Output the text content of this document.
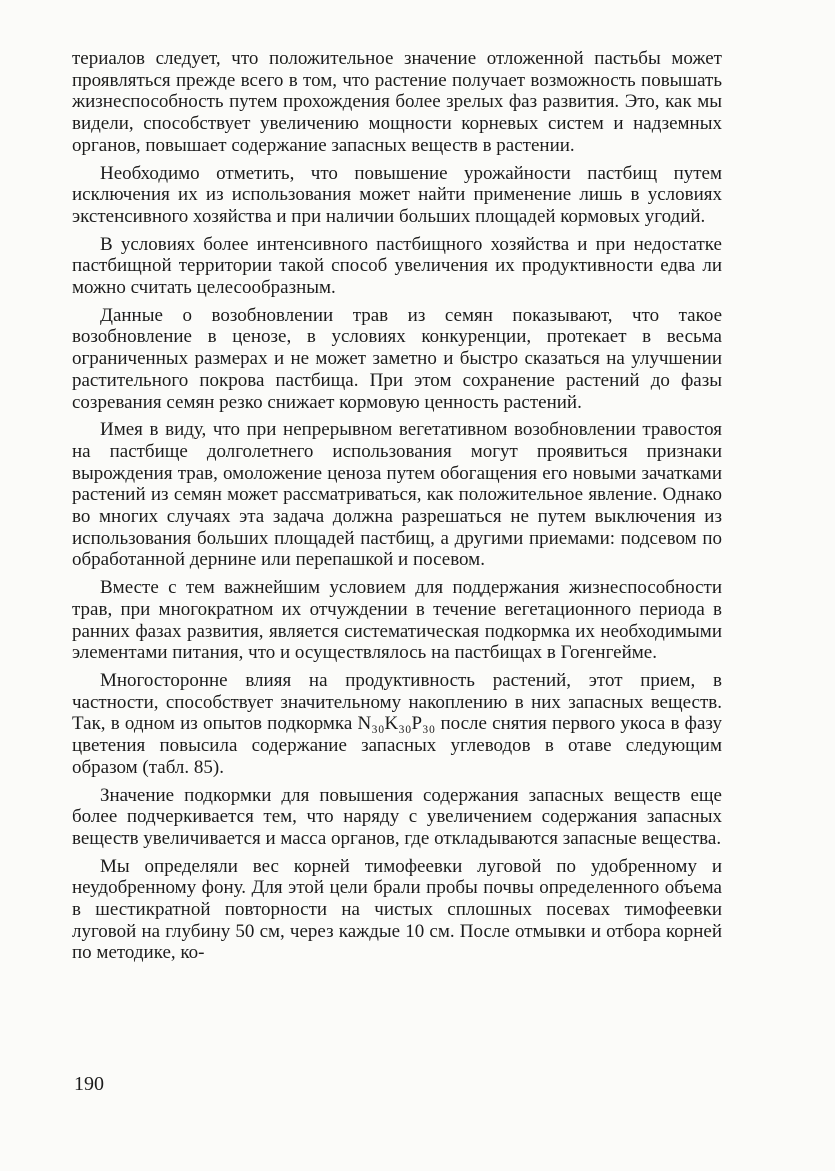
териалов следует, что положительное значение отложенной пастьбы может проявляться прежде всего в том, что растение получает возможность повышать жизнеспособность путем прохождения более зрелых фаз развития. Это, как мы видели, способствует увеличению мощности корневых систем и надземных органов, повышает содержание запасных веществ в растении.

Необходимо отметить, что повышение урожайности пастбищ путем исключения их из использования может найти применение лишь в условиях экстенсивного хозяйства и при наличии больших площадей кормовых угодий.

В условиях более интенсивного пастбищного хозяйства и при недостатке пастбищной территории такой способ увеличения их продуктивности едва ли можно считать целесообразным.

Данные о возобновлении трав из семян показывают, что такое возобновление в ценозе, в условиях конкуренции, протекает в весьма ограниченных размерах и не может заметно и быстро сказаться на улучшении растительного покрова пастбища. При этом сохранение растений до фазы созревания семян резко снижает кормовую ценность растений.

Имея в виду, что при непрерывном вегетативном возобновлении травостоя на пастбище долголетнего использования могут проявиться признаки вырождения трав, омоложение ценоза путем обогащения его новыми зачатками растений из семян может рассматриваться, как положительное явление. Однако во многих случаях эта задача должна разрешаться не путем выключения из использования больших площадей пастбищ, а другими приемами: подсевом по обработанной дернине или перепашкой и посевом.

Вместе с тем важнейшим условием для поддержания жизнеспособности трав, при многократном их отчуждении в течение вегетационного периода в ранних фазах развития, является систематическая подкормка их необходимыми элементами питания, что и осуществлялось на пастбищах в Гогенгейме.

Многосторонне влияя на продуктивность растений, этот прием, в частности, способствует значительному накоплению в них запасных веществ. Так, в одном из опытов подкормка N₃₀K₃₀P₃₀ после снятия первого укоса в фазу цветения повысила содержание запасных углеводов в отаве следующим образом (табл. 85).

Значение подкормки для повышения содержания запасных веществ еще более подчеркивается тем, что наряду с увеличением содержания запасных веществ увеличивается и масса органов, где откладываются запасные вещества.

Мы определяли вес корней тимофеевки луговой по удобренному и неудобренному фону. Для этой цели брали пробы почвы определенного объема в шестикратной повторности на чистых сплошных посевах тимофеевки луговой на глубину 50 см, через каждые 10 см. После отмывки и отбора корней по методике, ко-

190
